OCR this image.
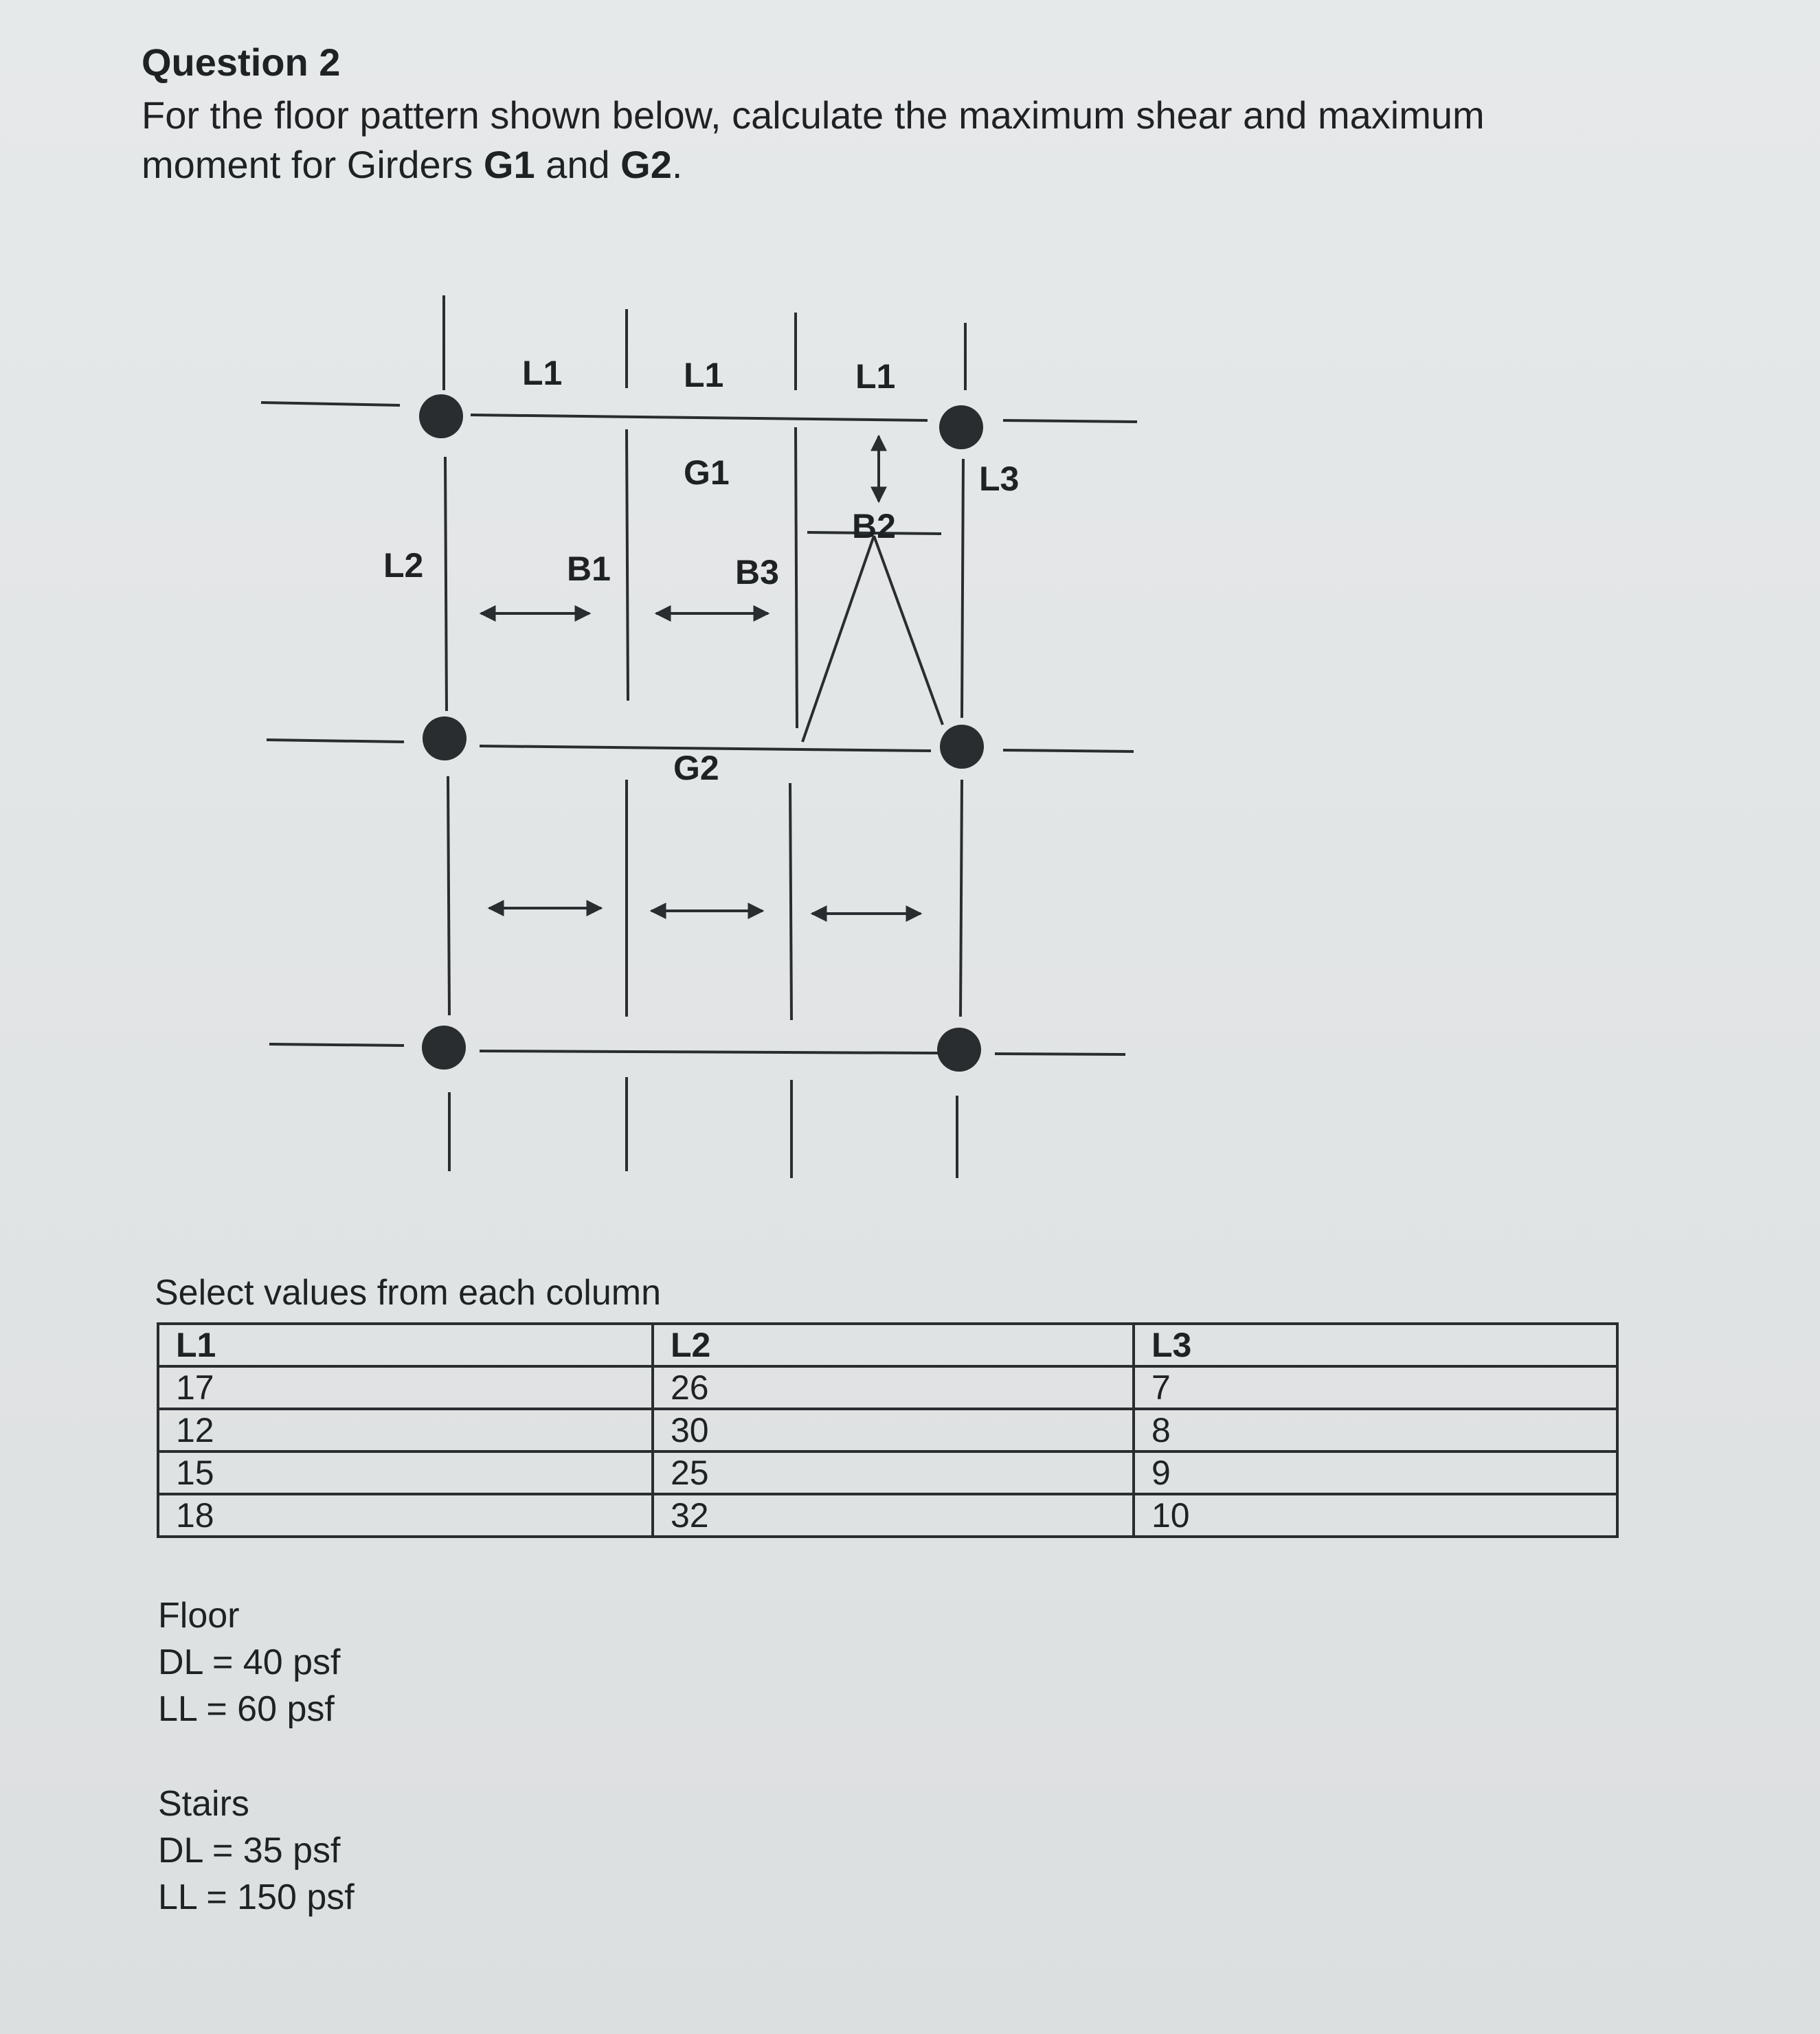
Question 2
For the floor pattern shown below, calculate the maximum shear and maximum moment for Girders G1 and G2.
L1	L1	L1
L2
L3
G1
G2
B1
B2
B3
Select values from each column
L1	L2	L3
17	26	7
12	30	8
15	25	9
18	32	10
Floor
DL = 40 psf
LL = 60 psf
Stairs
DL = 35 psf
LL = 150 psf
